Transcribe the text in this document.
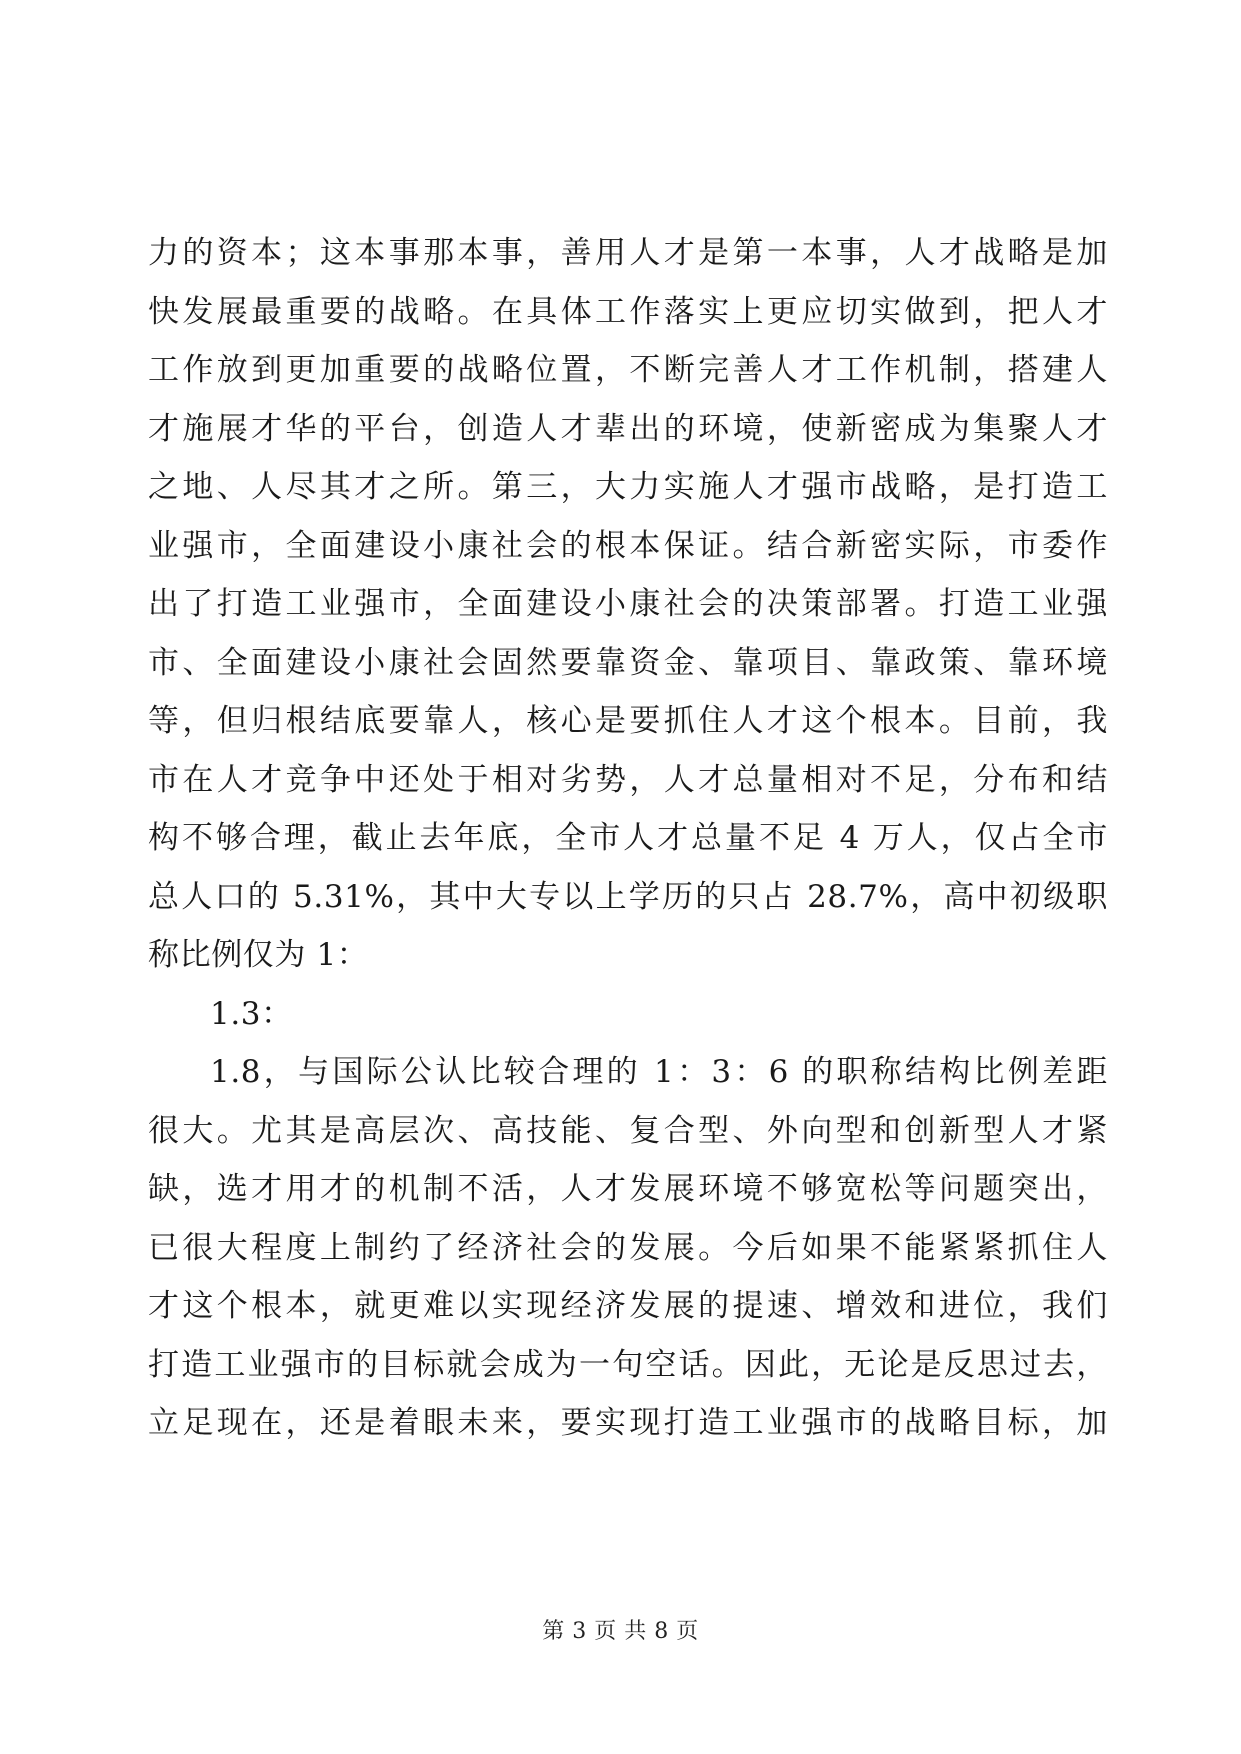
力的资本；这本事那本事，善用人才是第一本事，人才战略是加
快发展最重要的战略。在具体工作落实上更应切实做到，把人才
工作放到更加重要的战略位置，不断完善人才工作机制，搭建人
才施展才华的平台，创造人才辈出的环境，使新密成为集聚人才
之地、人尽其才之所。第三，大力实施人才强市战略，是打造工
业强市，全面建设小康社会的根本保证。结合新密实际，市委作
出了打造工业强市，全面建设小康社会的决策部署。打造工业强
市、全面建设小康社会固然要靠资金、靠项目、靠政策、靠环境
等，但归根结底要靠人，核心是要抓住人才这个根本。目前，我
市在人才竞争中还处于相对劣势，人才总量相对不足，分布和结
构不够合理，截止去年底，全市人才总量不足 4 万人，仅占全市
总人口的 5.31%，其中大专以上学历的只占 28.7%，高中初级职
称比例仅为 1：
1.3：
1.8，与国际公认比较合理的 1：3：6 的职称结构比例差距
很大。尤其是高层次、高技能、复合型、外向型和创新型人才紧
缺，选才用才的机制不活，人才发展环境不够宽松等问题突出，
已很大程度上制约了经济社会的发展。今后如果不能紧紧抓住人
才这个根本，就更难以实现经济发展的提速、增效和进位，我们
打造工业强市的目标就会成为一句空话。因此，无论是反思过去，
立足现在，还是着眼未来，要实现打造工业强市的战略目标，加
第 3 页 共 8 页
